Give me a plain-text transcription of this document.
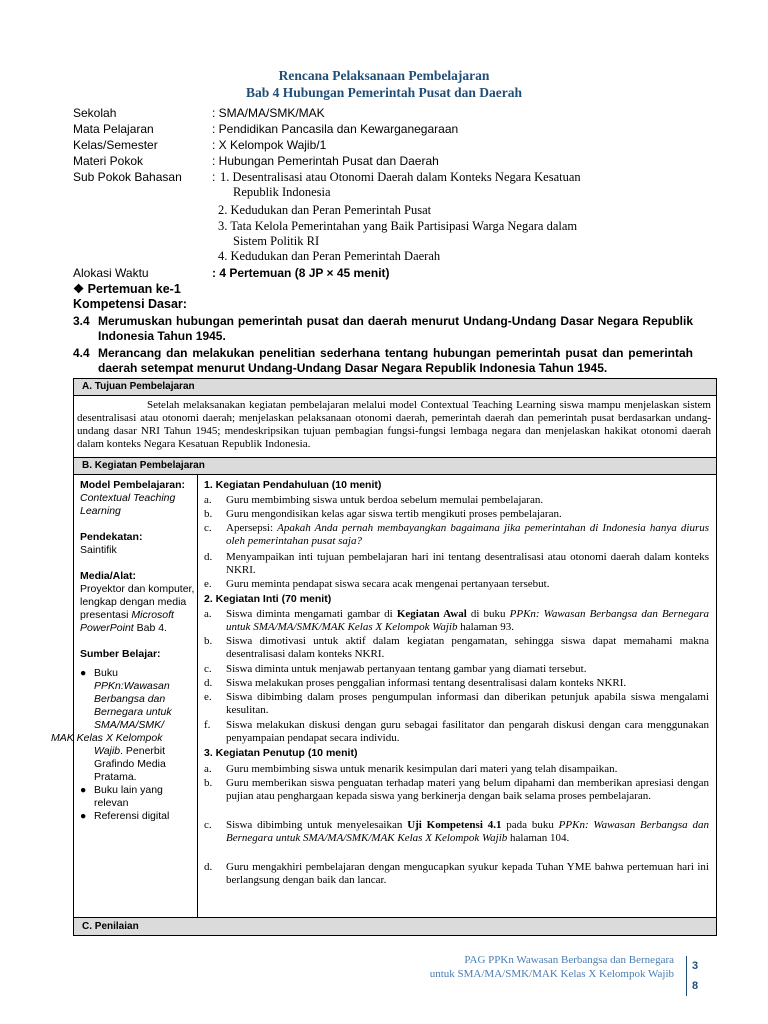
Rencana Pelaksanaan Pembelajaran
Bab 4 Hubungan Pemerintah Pusat dan Daerah
Sekolah	: SMA/MA/SMK/MAK
Mata Pelajaran	: Pendidikan Pancasila dan Kewarganegaraan
Kelas/Semester	: X Kelompok Wajib/1
Materi Pokok	: Hubungan Pemerintah Pusat dan Daerah
Sub Pokok Bahasan	: 1. Desentralisasi atau Otonomi Daerah dalam Konteks Negara Kesatuan
Republik Indonesia
2. Kedudukan dan Peran Pemerintah Pusat
3. Tata Kelola Pemerintahan yang Baik Partisipasi Warga Negara dalam
Sistem Politik RI
4. Kedudukan dan Peran Pemerintah Daerah
Alokasi Waktu	: 4 Pertemuan (8 JP × 45 menit)
❖ Pertemuan ke-1
Kompetensi Dasar:
3.4 Merumuskan hubungan pemerintah pusat dan daerah menurut Undang-Undang Dasar Negara Republik Indonesia Tahun 1945.
4.4 Merancang dan melakukan penelitian sederhana tentang hubungan pemerintah pusat dan pemerintah daerah setempat menurut Undang-Undang Dasar Negara Republik Indonesia Tahun 1945.
A. Tujuan Pembelajaran
Setelah melaksanakan kegiatan pembelajaran melalui model Contextual Teaching Learning siswa mampu menjelaskan sistem desentralisasi atau otonomi daerah; menjelaskan pelaksanaan otonomi daerah, pemerintah daerah dan pemerintah pusat berdasarkan undang-undang dasar NRI Tahun 1945; mendeskripsikan tujuan pembagian fungsi-fungsi lembaga negara dan menjelaskan hakikat otonomi daerah dalam konteks Negara Kesatuan Republik Indonesia.
B. Kegiatan Pembelajaran
Model Pembelajaran:
Contextual Teaching Learning
Pendekatan:
Saintifik
Media/Alat:
Proyektor dan komputer, lengkap dengan media presentasi Microsoft PowerPoint Bab 4.
Sumber Belajar:
● Buku
PPKn:Wawasan Berbangsa dan Bernegara untuk SMA/MA/SMK/
MAK Kelas X Kelompok
Wajib. Penerbit Grafindo Media Pratama.
● Buku lain yang relevan
● Referensi digital
1. Kegiatan Pendahuluan (10 menit)
a. Guru membimbing siswa untuk berdoa sebelum memulai pembelajaran.
b. Guru mengondisikan kelas agar siswa tertib mengikuti proses pembelajaran.
c. Apersepsi: Apakah Anda pernah membayangkan bagaimana jika pemerintahan di Indonesia hanya diurus oleh pemerintahan pusat saja?
d. Menyampaikan inti tujuan pembelajaran hari ini tentang desentralisasi atau otonomi daerah dalam konteks NKRI.
e. Guru meminta pendapat siswa secara acak mengenai pertanyaan tersebut.
2. Kegiatan Inti (70 menit)
a. Siswa diminta mengamati gambar di Kegiatan Awal di buku PPKn: Wawasan Berbangsa dan Bernegara untuk SMA/MA/SMK/MAK Kelas X Kelompok Wajib halaman 93.
b. Siswa dimotivasi untuk aktif dalam kegiatan pengamatan, sehingga siswa dapat memahami makna desentralisasi dalam konteks NKRI.
c. Siswa diminta untuk menjawab pertanyaan tentang gambar yang diamati tersebut.
d. Siswa melakukan proses penggalian informasi tentang desentralisasi dalam konteks NKRI.
e. Siswa dibimbing dalam proses pengumpulan informasi dan diberikan petunjuk apabila siswa mengalami kesulitan.
f. Siswa melakukan diskusi dengan guru sebagai fasilitator dan pengarah diskusi dengan cara menggunakan penyampaian pendapat secara individu.
3. Kegiatan Penutup (10 menit)
a. Guru membimbing siswa untuk menarik kesimpulan dari materi yang telah disampaikan.
b. Guru memberikan siswa penguatan terhadap materi yang belum dipahami dan memberikan apresiasi dengan pujian atau penghargaan kepada siswa yang berkinerja dengan baik selama proses pembelajaran.
c. Siswa dibimbing untuk menyelesaikan Uji Kompetensi 4.1 pada buku PPKn: Wawasan Berbangsa dan Bernegara untuk SMA/MA/SMK/MAK Kelas X Kelompok Wajib halaman 104.
d. Guru mengakhiri pembelajaran dengan mengucapkan syukur kepada Tuhan YME bahwa pertemuan hari ini berlangsung dengan baik dan lancar.
C. Penilaian
PAG PPKn Wawasan Berbangsa dan Bernegara
untuk SMA/MA/SMK/MAK Kelas X Kelompok Wajib
3
8
